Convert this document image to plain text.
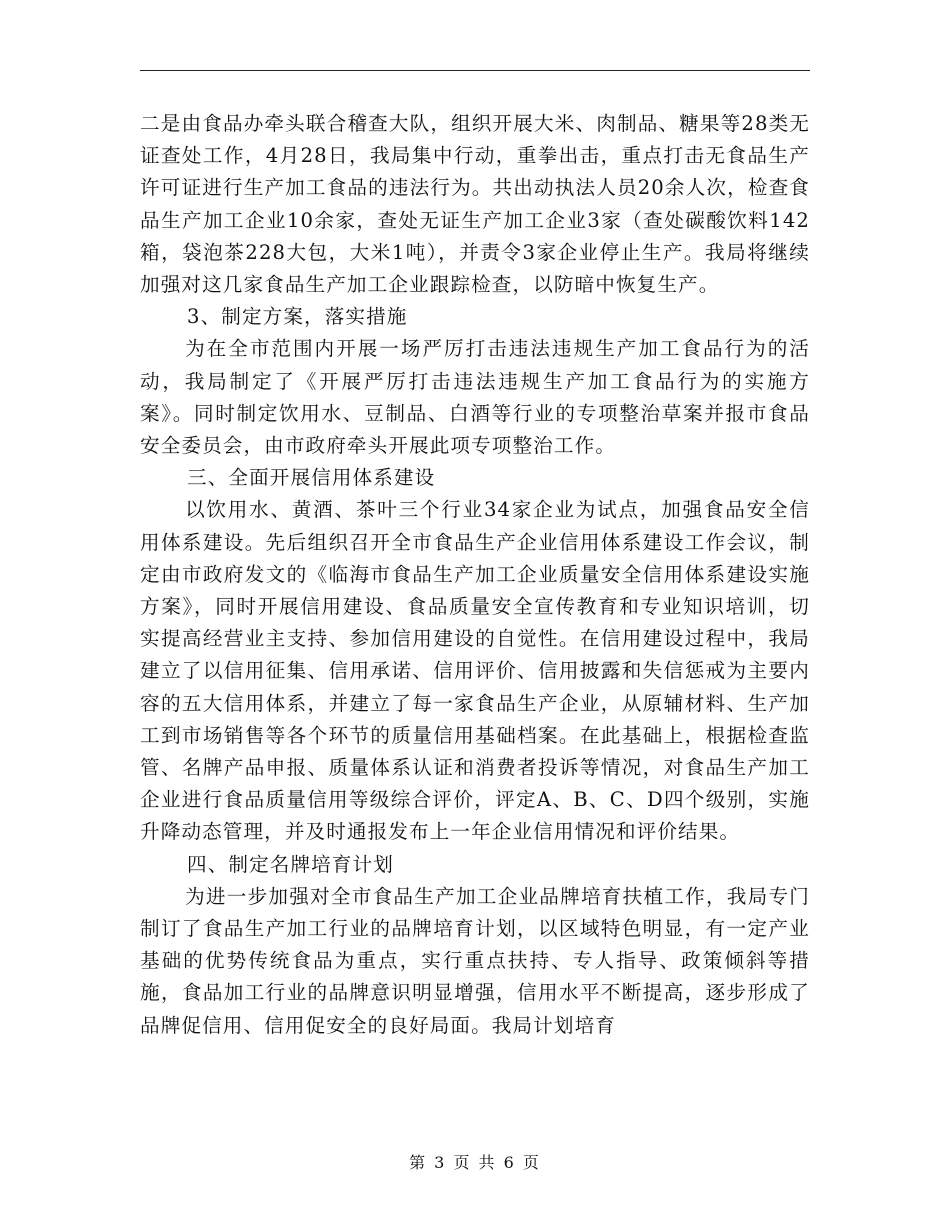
二是由食品办牵头联合稽查大队，组织开展大米、肉制品、糖果等28类无证查处工作，4月28日，我局集中行动，重拳出击，重点打击无食品生产许可证进行生产加工食品的违法行为。共出动执法人员20余人次，检查食品生产加工企业10余家，查处无证生产加工企业3家（查处碳酸饮料142箱，袋泡茶228大包，大米1吨），并责令3家企业停止生产。我局将继续加强对这几家食品生产加工企业跟踪检查，以防暗中恢复生产。

3、制定方案，落实措施

为在全市范围内开展一场严厉打击违法违规生产加工食品行为的活动，我局制定了《开展严厉打击违法违规生产加工食品行为的实施方案》。同时制定饮用水、豆制品、白酒等行业的专项整治草案并报市食品安全委员会，由市政府牵头开展此项专项整治工作。

三、全面开展信用体系建设

以饮用水、黄酒、茶叶三个行业34家企业为试点，加强食品安全信用体系建设。先后组织召开全市食品生产企业信用体系建设工作会议，制定由市政府发文的《临海市食品生产加工企业质量安全信用体系建设实施方案》，同时开展信用建设、食品质量安全宣传教育和专业知识培训，切实提高经营业主支持、参加信用建设的自觉性。在信用建设过程中，我局建立了以信用征集、信用承诺、信用评价、信用披露和失信惩戒为主要内容的五大信用体系，并建立了每一家食品生产企业，从原辅材料、生产加工到市场销售等各个环节的质量信用基础档案。在此基础上，根据检查监管、名牌产品申报、质量体系认证和消费者投诉等情况，对食品生产加工企业进行食品质量信用等级综合评价，评定A、B、C、D四个级别，实施升降动态管理，并及时通报发布上一年企业信用情况和评价结果。

四、制定名牌培育计划

为进一步加强对全市食品生产加工企业品牌培育扶植工作，我局专门制订了食品生产加工行业的品牌培育计划，以区域特色明显，有一定产业基础的优势传统食品为重点，实行重点扶持、专人指导、政策倾斜等措施，食品加工行业的品牌意识明显增强，信用水平不断提高，逐步形成了品牌促信用、信用促安全的良好局面。我局计划培育

第 3 页 共 6 页
